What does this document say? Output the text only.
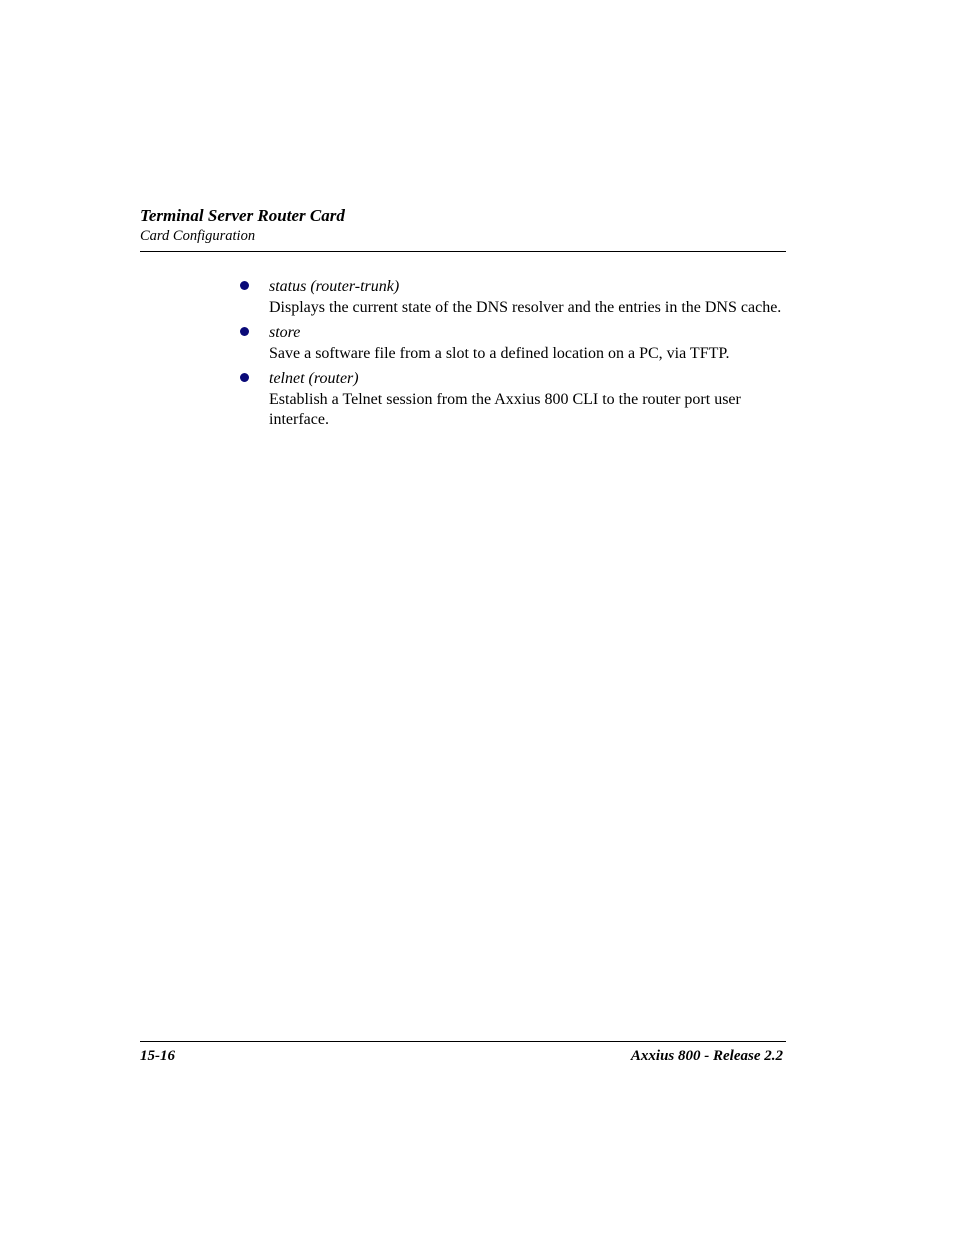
Terminal Server Router Card
Card Configuration
status (router-trunk)
Displays the current state of the DNS resolver and the entries in the DNS cache.
store
Save a software file from a slot to a defined location on a PC, via TFTP.
telnet (router)
Establish a Telnet session from the Axxius 800 CLI to the router port user interface.
15-16	Axxius 800 - Release 2.2
